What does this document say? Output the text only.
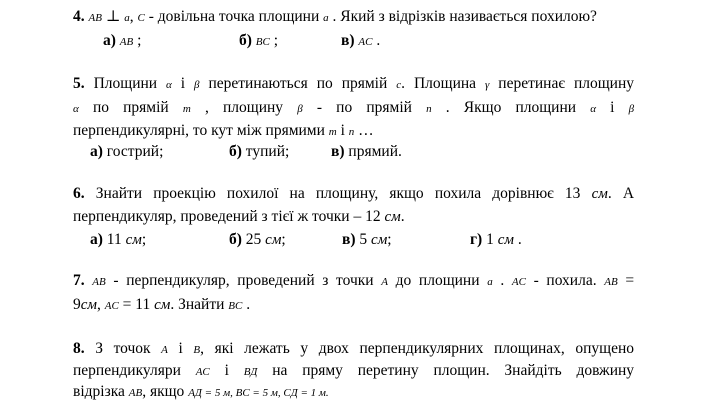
4. AB ⊥ a, C - довільна точка площини a . Який з відрізків називається похилою?
а) AB ;	б) BC ;	в) AC .
5. Площини α і β перетинаються по прямій c. Площина γ перетинає площину
α по прямій m , площину β - по прямій n . Якщо площини α і β
перпендикулярні, то кут між прямими m і n …
а) гострий;	б) тупий;	в) прямий.
6. Знайти проекцію похилої на площину, якщо похила дорівнює 13 см. А
перпендикуляр, проведений з тієї ж точки – 12 см.
а) 11 см;	б) 25 см;	в) 5 см;	г) 1 см .
7. AB - перпендикуляр, проведений з точки A до площини a . AC - похила. AB =
9см, AC = 11 см. Знайти BC .
8. З точок A і B, які лежать у двох перпендикулярних площинах, опущено
перпендикуляри AC і BД на пряму перетину площин. Знайдіть довжину
відрізка AB, якщо AД = 5 м, BC = 5 м, CД = 1 м.
